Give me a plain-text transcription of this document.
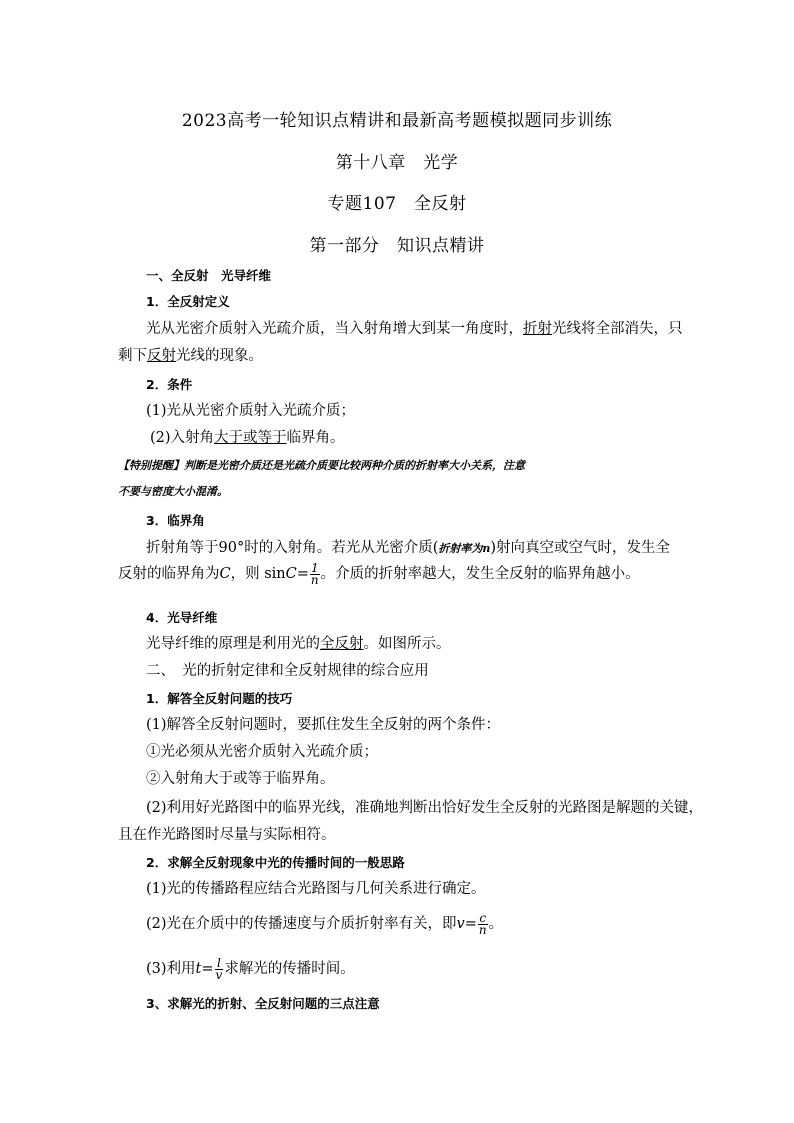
2023高考一轮知识点精讲和最新高考题模拟题同步训练
第十八章　光学
专题107　全反射
第一部分　知识点精讲
一、全反射　光导纤维
1．全反射定义
光从光密介质射入光疏介质，当入射角增大到某一角度时，折射光线将全部消失，只
剩下反射光线的现象。
2．条件
(1)光从光密介质射入光疏介质；
(2)入射角大于或等于临界角。
【特别提醒】判断是光密介质还是光疏介质要比较两种介质的折射率大小关系，注意
不要与密度大小混淆。
3．临界角
折射角等于90°时的入射角。若光从光密介质(折射率为n)射向真空或空气时，发生全
反射的临界角为C，则 $\sin C= \frac{1}{n}$ 。介质的折射率越大，发生全反射的临界角越小。
4．光导纤维
光导纤维的原理是利用光的全反射。如图所示。
二、　光的折射定律和全反射规律的综合应用
1．解答全反射问题的技巧
(1)解答全反射问题时，要抓住发生全反射的两个条件：
①光必须从光密介质射入光疏介质；
②入射角大于或等于临界角。
(2)利用好光路图中的临界光线，准确地判断出恰好发生全反射的光路图是解题的关键，
且在作光路图时尽量与实际相符。
2．求解全反射现象中光的传播时间的一般思路
(1)光的传播路程应结合光路图与几何关系进行确定。
(2)光在介质中的传播速度与介质折射率有关，即$v= \frac{c}{n}$ 。
(3)利用$t= \frac{l}{v}$ 求解光的传播时间。
3、求解光的折射、全反射问题的三点注意
